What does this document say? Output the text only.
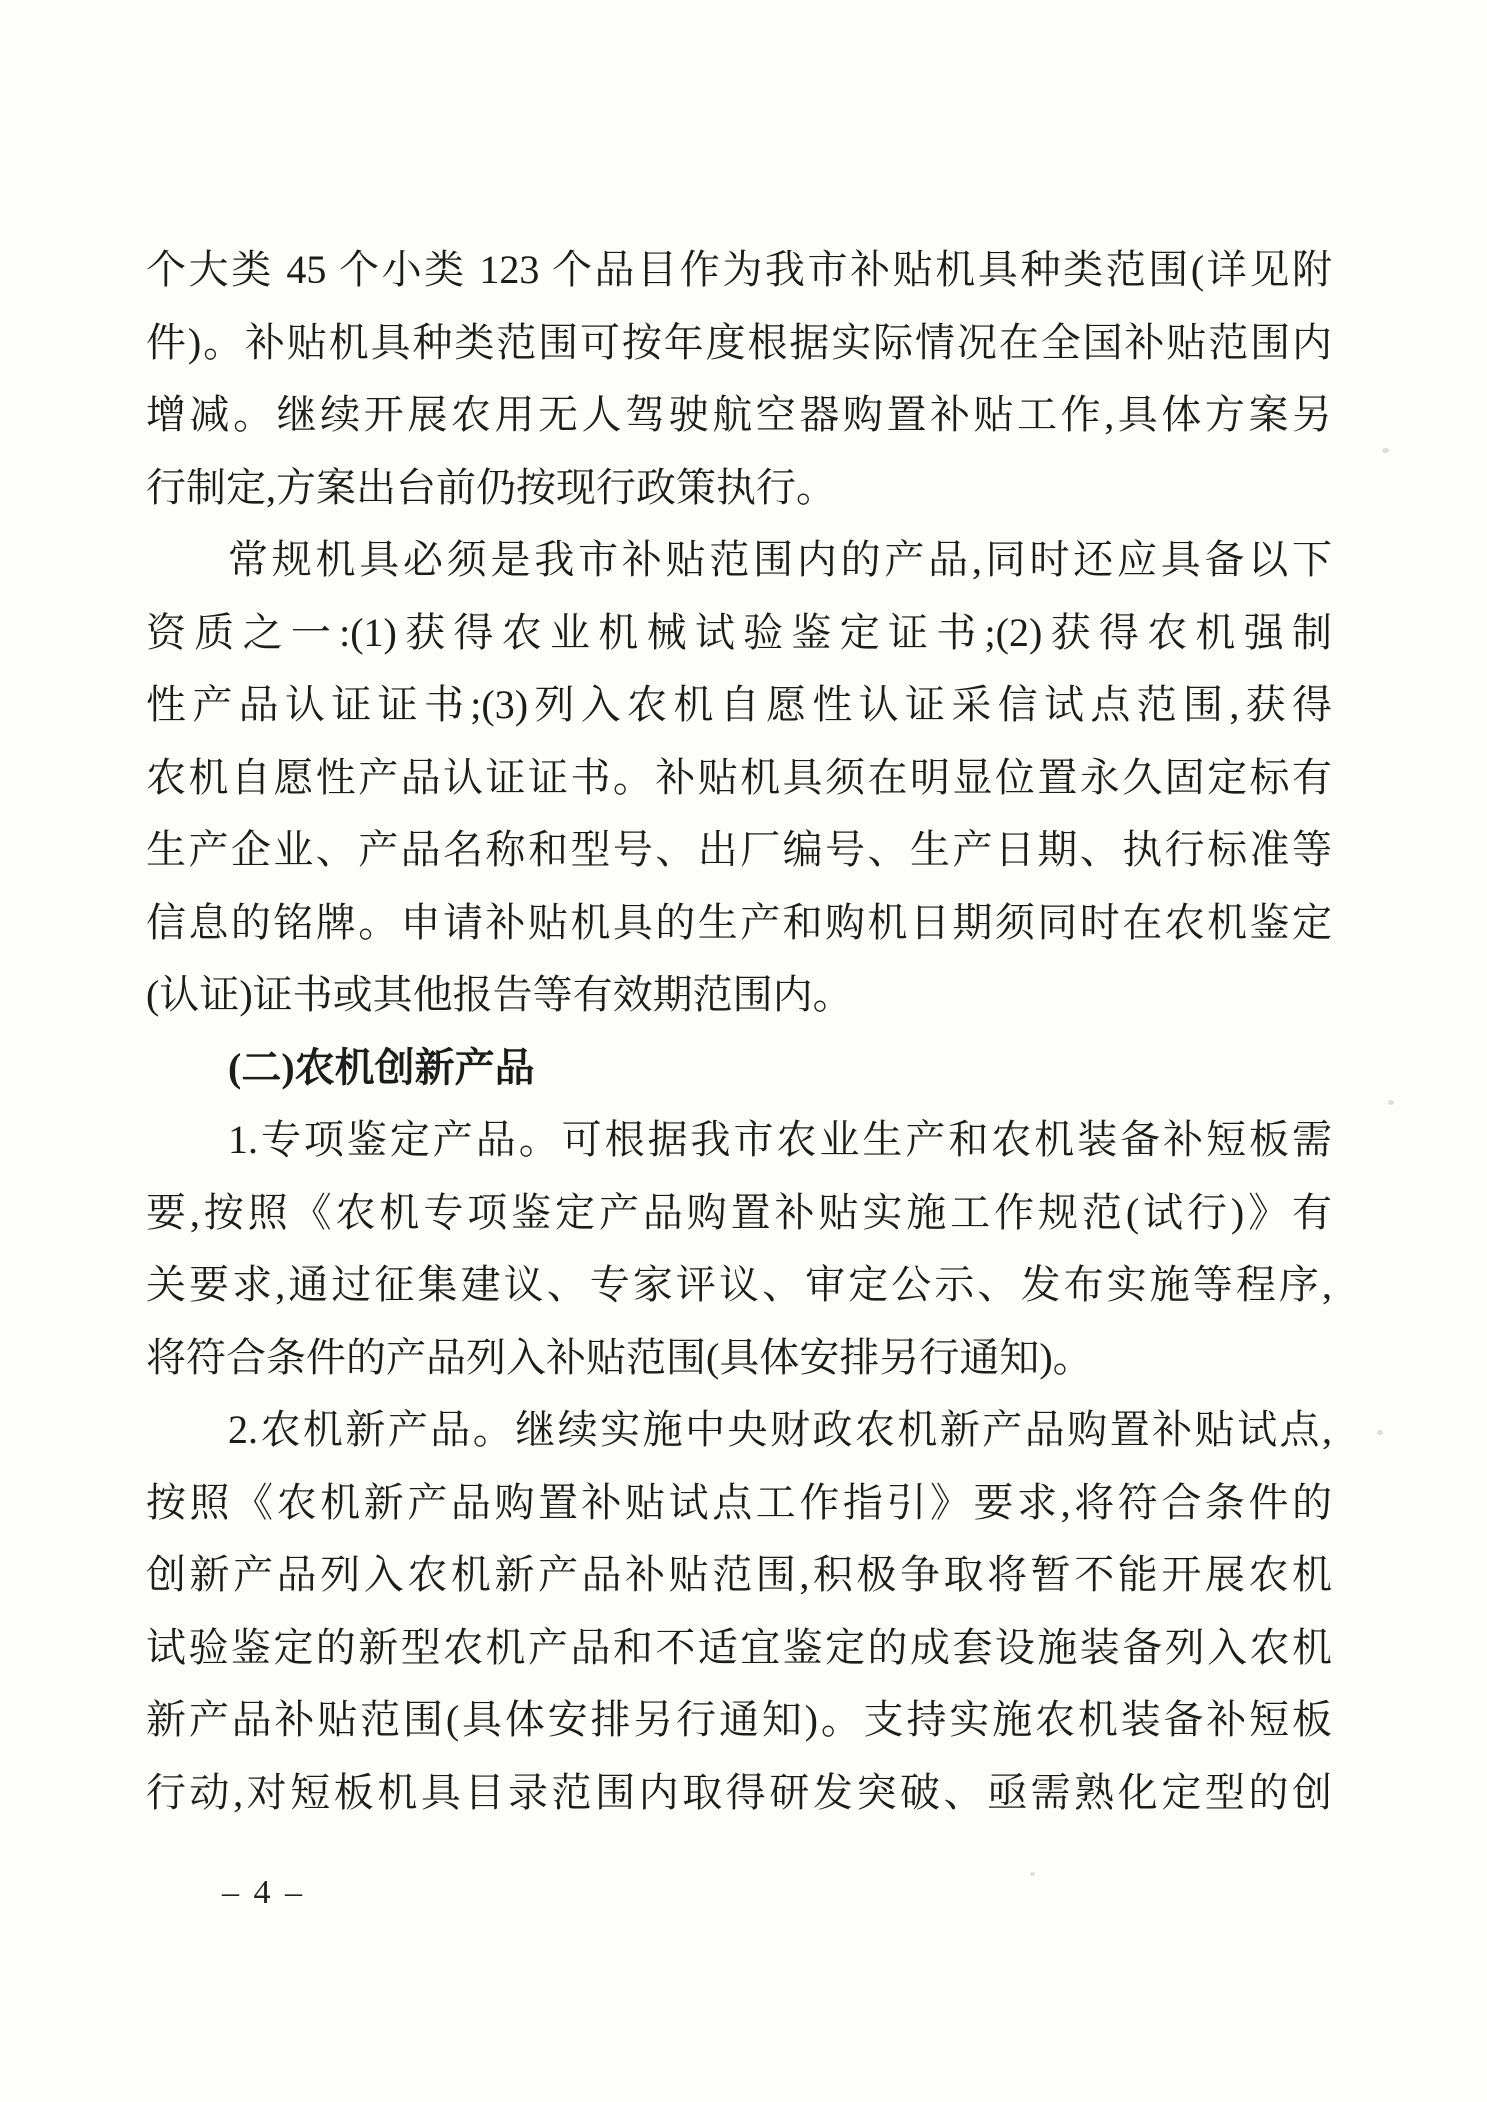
个大类 45 个小类 123 个品目作为我市补贴机具种类范围(详见附
件)。补贴机具种类范围可按年度根据实际情况在全国补贴范围内
增减。继续开展农用无人驾驶航空器购置补贴工作,具体方案另
行制定,方案出台前仍按现行政策执行。
常规机具必须是我市补贴范围内的产品,同时还应具备以下
资质之一:(1)获得农业机械试验鉴定证书;(2)获得农机强制
性产品认证证书;(3)列入农机自愿性认证采信试点范围,获得
农机自愿性产品认证证书。补贴机具须在明显位置永久固定标有
生产企业、产品名称和型号、出厂编号、生产日期、执行标准等
信息的铭牌。申请补贴机具的生产和购机日期须同时在农机鉴定
(认证)证书或其他报告等有效期范围内。
(二)农机创新产品
1.专项鉴定产品。可根据我市农业生产和农机装备补短板需
要,按照《农机专项鉴定产品购置补贴实施工作规范(试行)》有
关要求,通过征集建议、专家评议、审定公示、发布实施等程序,
将符合条件的产品列入补贴范围(具体安排另行通知)。
2.农机新产品。继续实施中央财政农机新产品购置补贴试点,
按照《农机新产品购置补贴试点工作指引》要求,将符合条件的
创新产品列入农机新产品补贴范围,积极争取将暂不能开展农机
试验鉴定的新型农机产品和不适宜鉴定的成套设施装备列入农机
新产品补贴范围(具体安排另行通知)。支持实施农机装备补短板
行动,对短板机具目录范围内取得研发突破、亟需熟化定型的创
– 4 –
